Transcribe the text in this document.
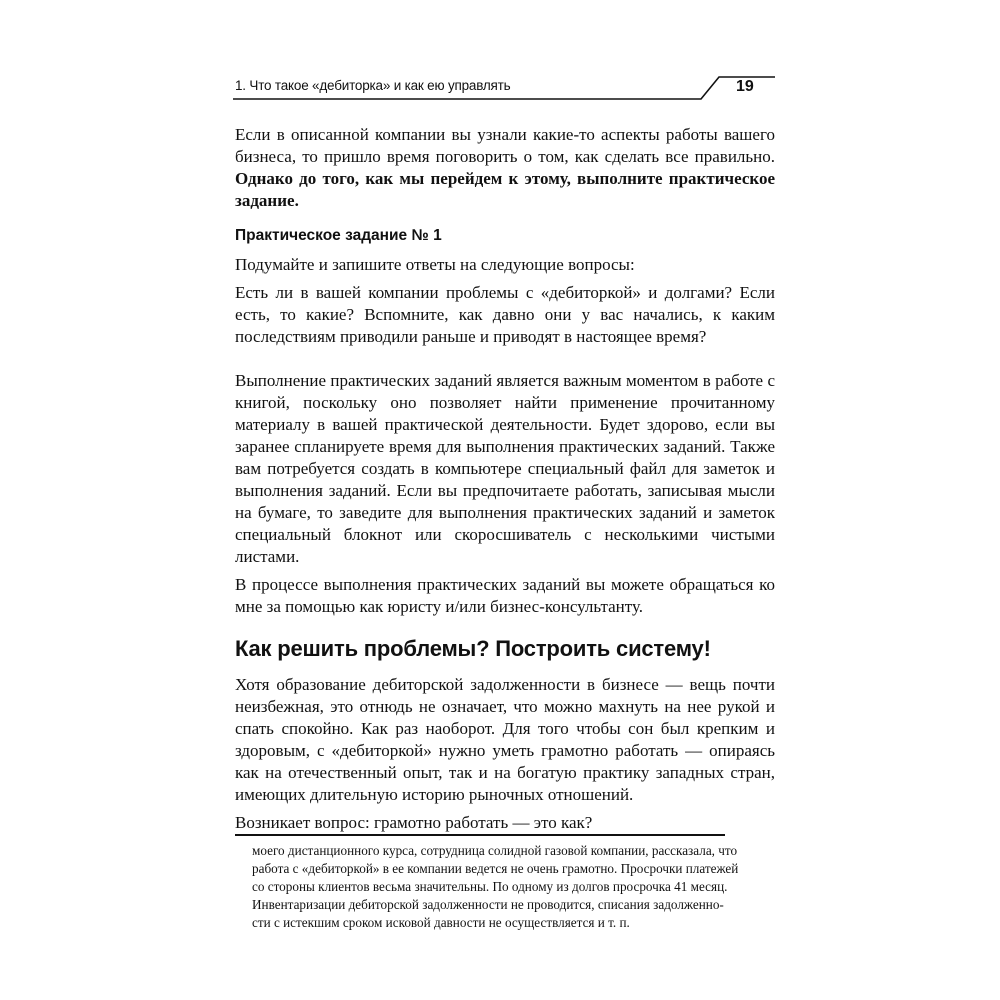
1. Что такое «дебиторка» и как ею управлять	19

Если в описанной компании вы узнали какие-то аспекты работы вашего бизнеса, то пришло время поговорить о том, как сделать все правильно. Однако до того, как мы перейдем к этому, выполните практическое задание.

Практическое задание № 1

Подумайте и запишите ответы на следующие вопросы:

Есть ли в вашей компании проблемы с «дебиторкой» и долгами? Если есть, то какие? Вспомните, как давно они у вас начались, к каким последствиям приводили раньше и приводят в настоящее время?

Выполнение практических заданий является важным моментом в работе с книгой, поскольку оно позволяет найти применение прочитанному материалу в вашей практической деятельности. Будет здорово, если вы заранее спланируете время для выполнения практических заданий. Также вам потребуется создать в компьютере специальный файл для заметок и выполнения заданий. Если вы предпочитаете работать, записывая мысли на бумаге, то заведите для выполнения практических заданий и заметок специальный блокнот или скоросшиватель с несколькими чистыми листами.

В процессе выполнения практических заданий вы можете обращаться ко мне за помощью как юристу и/или бизнес-консультанту.

Как решить проблемы? Построить систему!

Хотя образование дебиторской задолженности в бизнесе — вещь почти неизбежная, это отнюдь не означает, что можно махнуть на нее рукой и спать спокойно. Как раз наоборот. Для того чтобы сон был крепким и здоровым, с «дебиторкой» нужно уметь грамотно работать — опираясь как на отечественный опыт, так и на богатую практику западных стран, имеющих длительную историю рыночных отношений.

Возникает вопрос: грамотно работать — это как?

моего дистанционного курса, сотрудница солидной газовой компании, рассказала, что
работа с «дебиторкой» в ее компании ведется не очень грамотно. Просрочки платежей
со стороны клиентов весьма значительны. По одному из долгов просрочка 41 месяц.
Инвентаризации дебиторской задолженности не проводится, списания задолженно-
сти с истекшим сроком исковой давности не осуществляется и т. п.
